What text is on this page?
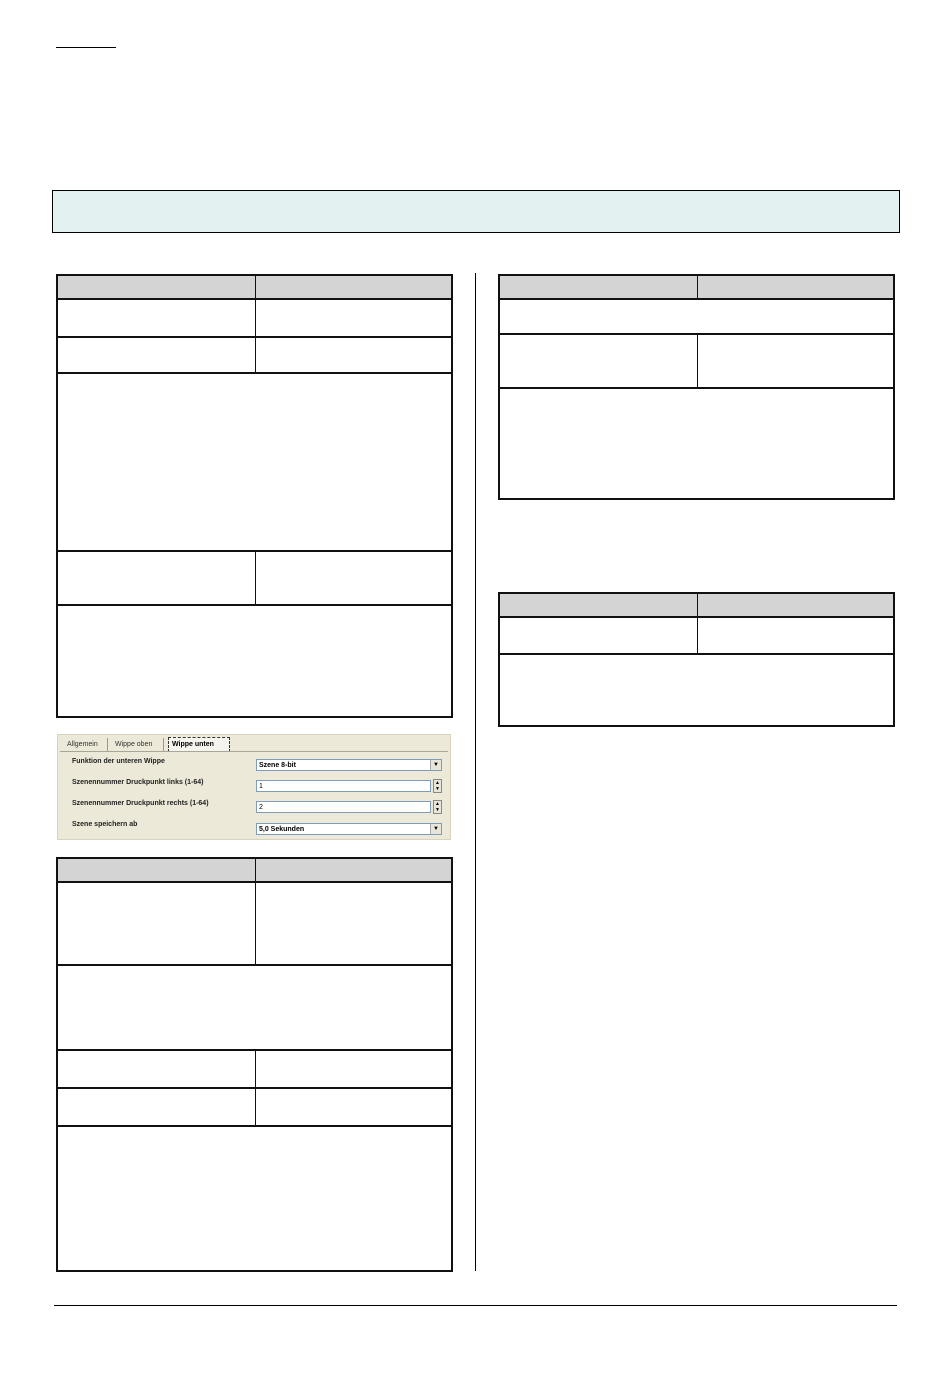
Allgemein	Wippe oben	Wippe unten
Funktion der unteren Wippe
Szene 8-bit	▼
Szenennummer Druckpunkt links (1-64)
1	▲
▼
Szenennummer Druckpunkt rechts (1-64)
2	▲
▼
Szene speichern ab
5,0 Sekunden	▼
